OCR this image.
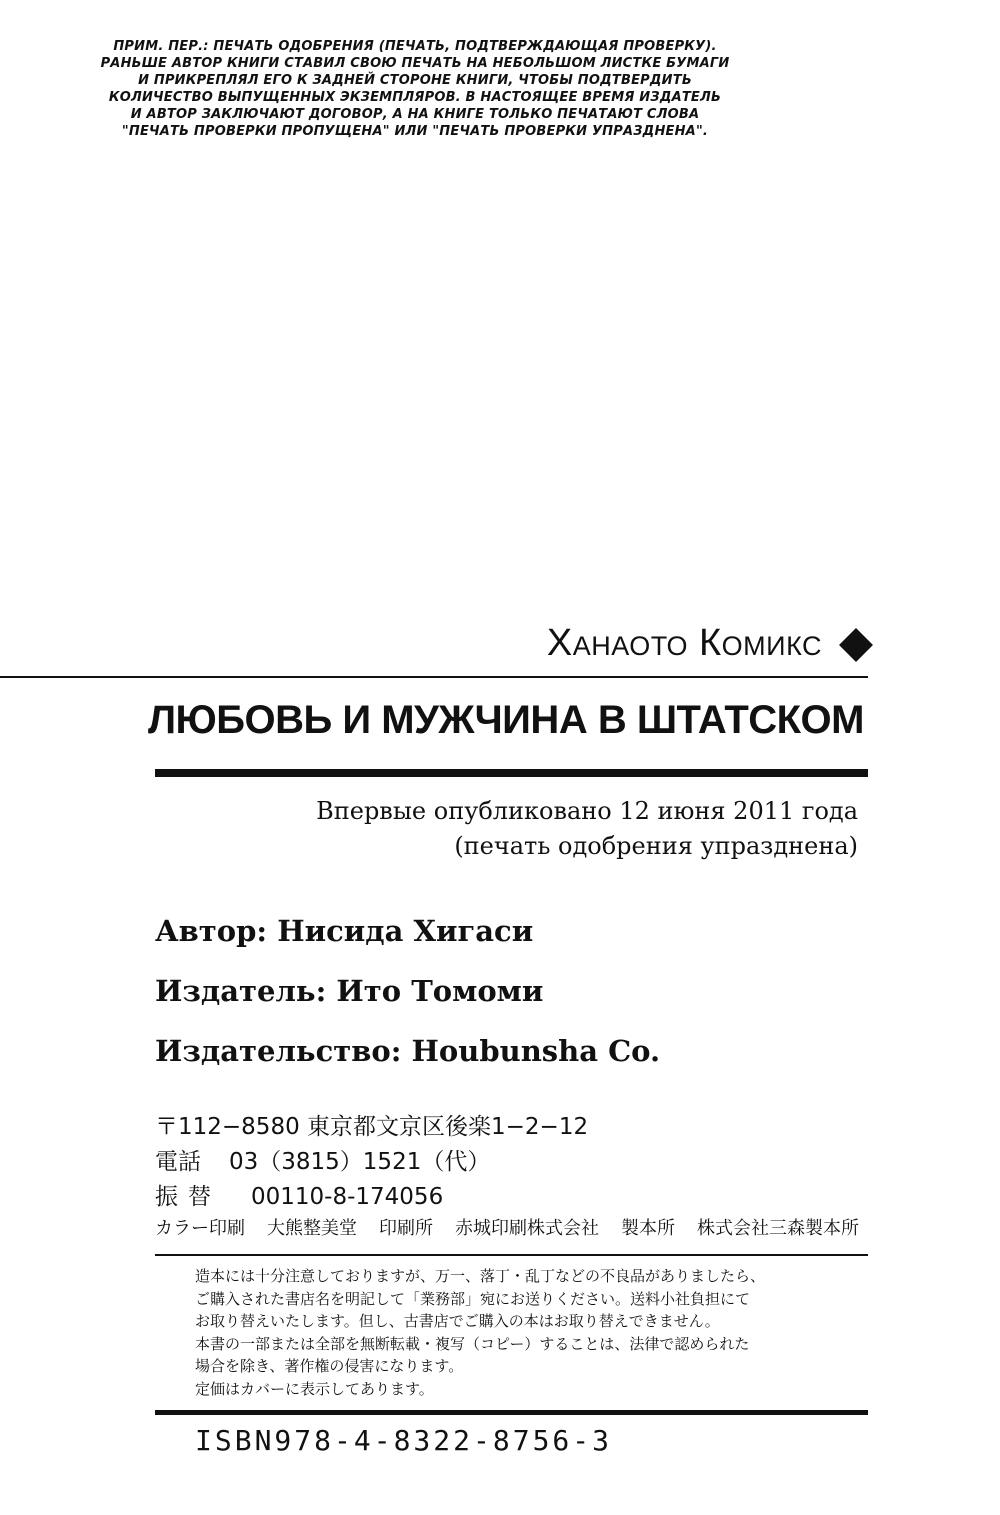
ПРИМ. ПЕР.: ПЕЧАТЬ ОДОБРЕНИЯ (ПЕЧАТЬ, ПОДТВЕРЖДАЮЩАЯ ПРОВЕРКУ).
РАНЬШЕ АВТОР КНИГИ СТАВИЛ СВОЮ ПЕЧАТЬ НА НЕБОЛЬШОМ ЛИСТКЕ БУМАГИ
И ПРИКРЕПЛЯЛ ЕГО К ЗАДНЕЙ СТОРОНЕ КНИГИ, ЧТОБЫ ПОДТВЕРДИТЬ
КОЛИЧЕСТВО ВЫПУЩЕННЫХ ЭКЗЕМПЛЯРОВ. В НАСТОЯЩЕЕ ВРЕМЯ ИЗДАТЕЛЬ
И АВТОР ЗАКЛЮЧАЮТ ДОГОВОР, А НА КНИГЕ ТОЛЬКО ПЕЧАТАЮТ СЛОВА
"ПЕЧАТЬ ПРОВЕРКИ ПРОПУЩЕНА" ИЛИ "ПЕЧАТЬ ПРОВЕРКИ УПРАЗДНЕНА".
Ханаото Комикс
ЛЮБОВЬ И МУЖЧИНА В ШТАТСКОМ
Впервые опубликовано 12 июня 2011 года
(печать одобрения упразднена)
Автор: Нисида Хигаси
Издатель: Ито Томоми
Издательство: Houbunsha Co.
〒112−8580 東京都文京区後楽1−2−12
電話	03（3815）1521（代）
振替	00110-8-174056
カラー印刷 大熊整美堂 印刷所 赤城印刷株式会社 製本所 株式会社三森製本所
造本には十分注意しておりますが、万一、落丁・乱丁などの不良品がありましたら、
ご購入された書店名を明記して「業務部」宛にお送りください。送料小社負担にて
お取り替えいたします。但し、古書店でご購入の本はお取り替えできません。
本書の一部または全部を無断転載・複写（コピー）することは、法律で認められた
場合を除き、著作権の侵害になります。
定価はカバーに表示してあります。
ISBN978-4-8322-8756-3
